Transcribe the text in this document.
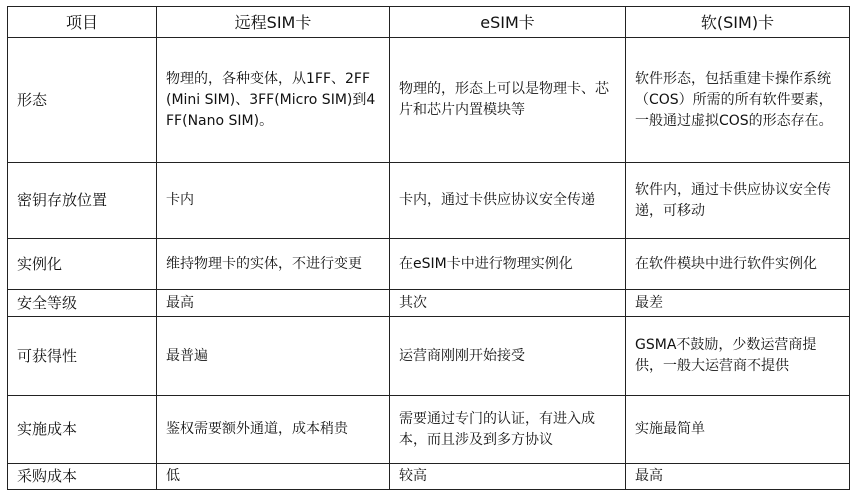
项目	远程SIM卡	eSIM卡	软(SIM)卡
形态	物理的，各种变体，从1FF、2FF(Mini SIM)、3FF(Micro SIM)到4FF(Nano SIM)。	物理的，形态上可以是物理卡、芯片和芯片内置模块等	软件形态，包括重建卡操作系统（COS）所需的所有软件要素，一般通过虚拟COS的形态存在。

密钥存放位置	卡内	卡内，通过卡供应协议安全传递	软件内，通过卡供应协议安全传递，可移动

实例化	维持物理卡的实体，不进行变更	在eSIM卡中进行物理实例化	在软件模块中进行软件实例化

安全等级	最高	其次	最差

可获得性	最普遍	运营商刚刚开始接受	GSMA不鼓励，少数运营商提供，一般大运营商不提供

实施成本	鉴权需要额外通道，成本稍贵	需要通过专门的认证，有进入成本，而且涉及到多方协议	实施最简单

采购成本	低	较高	最高
